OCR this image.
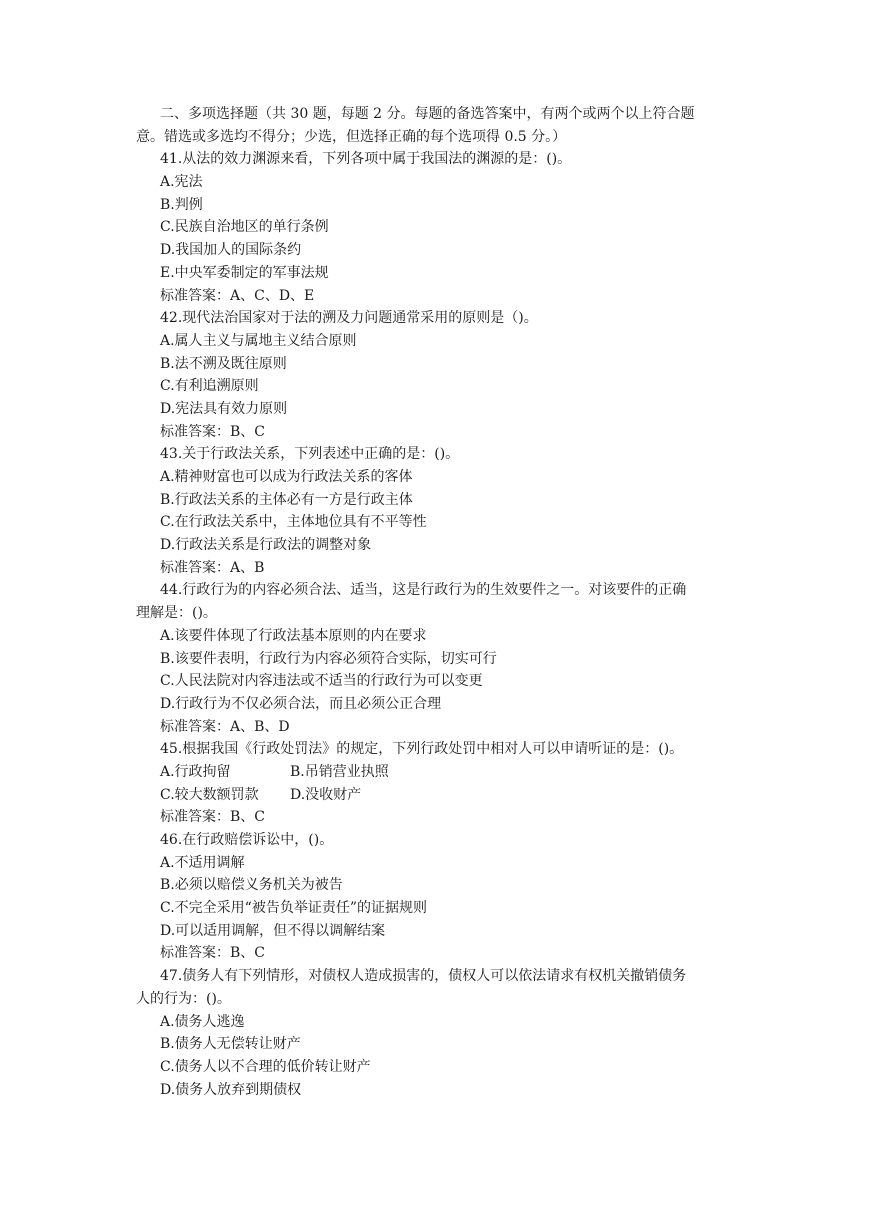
二、多项选择题（共 30 题，每题 2 分。每题的备选答案中，有两个或两个以上符合题
意。错选或多选均不得分；少选，但选择正确的每个选项得 0.5 分。）
41.从法的效力渊源来看，下列各项中属于我国法的渊源的是：()。
A.宪法
B.判例
C.民族自治地区的单行条例
D.我国加人的国际条约
E.中央军委制定的军事法规
标准答案：A、C、D、E
42.现代法治国家对于法的溯及力问题通常采用的原则是（)。
A.属人主义与属地主义结合原则
B.法不溯及既往原则
C.有利追溯原则
D.宪法具有效力原则
标准答案：B、C
43.关于行政法关系，下列表述中正确的是：()。
A.精神财富也可以成为行政法关系的客体
B.行政法关系的主体必有一方是行政主体
C.在行政法关系中，主体地位具有不平等性
D.行政法关系是行政法的调整对象
标准答案：A、B
44.行政行为的内容必须合法、适当，这是行政行为的生效要件之一。对该要件的正确
理解是：()。
A.该要件体现了行政法基本原则的内在要求
B.该要件表明，行政行为内容必须符合实际，切实可行
C.人民法院对内容违法或不适当的行政行为可以变更
D.行政行为不仅必须合法，而且必须公正合理
标准答案：A、B、D
45.根据我国《行政处罚法》的规定，下列行政处罚中相对人可以申请听证的是：()。
A.行政拘留	B.吊销营业执照
C.较大数额罚款 D.没收财产
标准答案：B、C
46.在行政赔偿诉讼中，()。
A.不适用调解
B.必须以赔偿义务机关为被告
C.不完全采用“被告负举证责任”的证据规则
D.可以适用调解，但不得以调解结案
标准答案：B、C
47.债务人有下列情形，对债权人造成损害的，债权人可以依法请求有权机关撤销债务
人的行为：()。
A.债务人逃逸
B.债务人无偿转让财产
C.债务人以不合理的低价转让财产
D.债务人放弃到期债权
